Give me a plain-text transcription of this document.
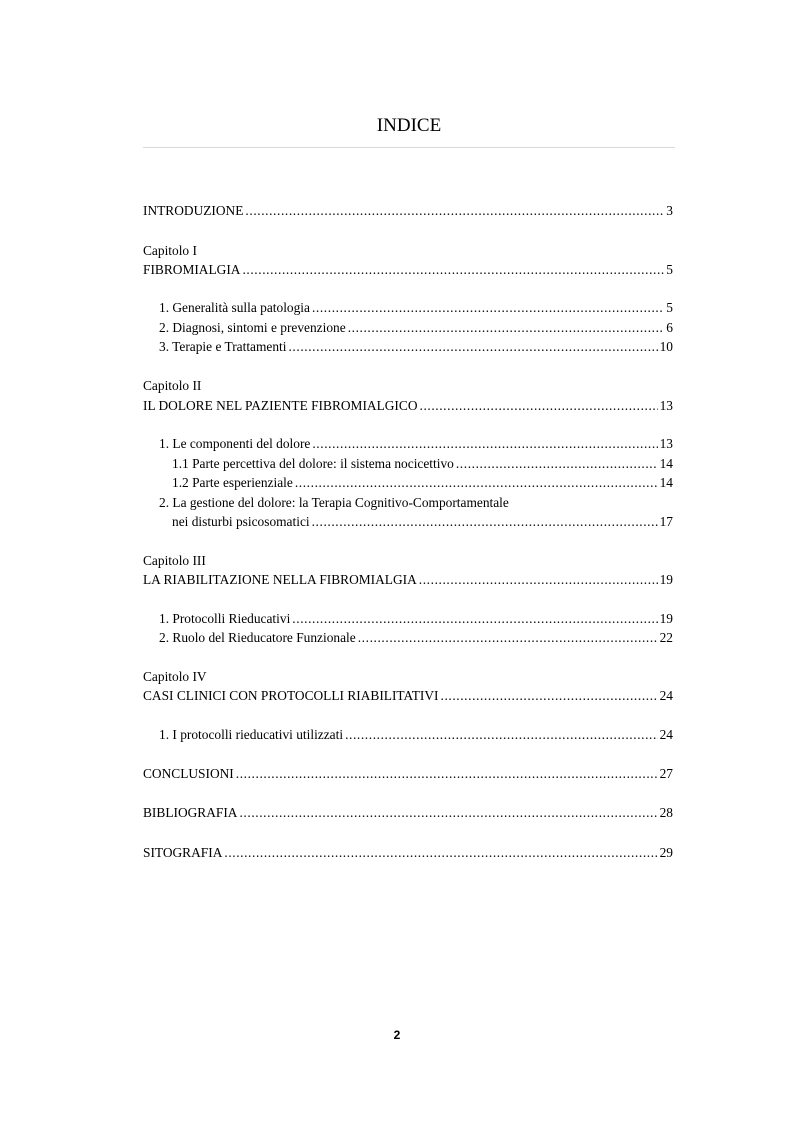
INDICE
INTRODUZIONE .....	3
Capitolo I
FIBROMIALGIA .....	5
1. Generalità sulla patologia .....	5
2. Diagnosi, sintomi e prevenzione .....	6
3. Terapie e Trattamenti .....	10
Capitolo II
IL DOLORE NEL PAZIENTE FIBROMIALGICO .....	13
1. Le componenti del dolore .....	13
1.1 Parte percettiva del dolore: il sistema nocicettivo .....	14
1.2 Parte esperienziale .....	14
2. La gestione del dolore: la Terapia Cognitivo-Comportamentale
nei disturbi psicosomatici .....	17
Capitolo III
LA RIABILITAZIONE NELLA FIBROMIALGIA .....	19
1. Protocolli Rieducativi .....	19
2. Ruolo del Rieducatore Funzionale .....	22
Capitolo IV
CASI CLINICI CON PROTOCOLLI RIABILITATIVI .....	24
1. I protocolli rieducativi utilizzati .....	24
CONCLUSIONI .....	27
BIBLIOGRAFIA .....	28
SITOGRAFIA .....	29
2
